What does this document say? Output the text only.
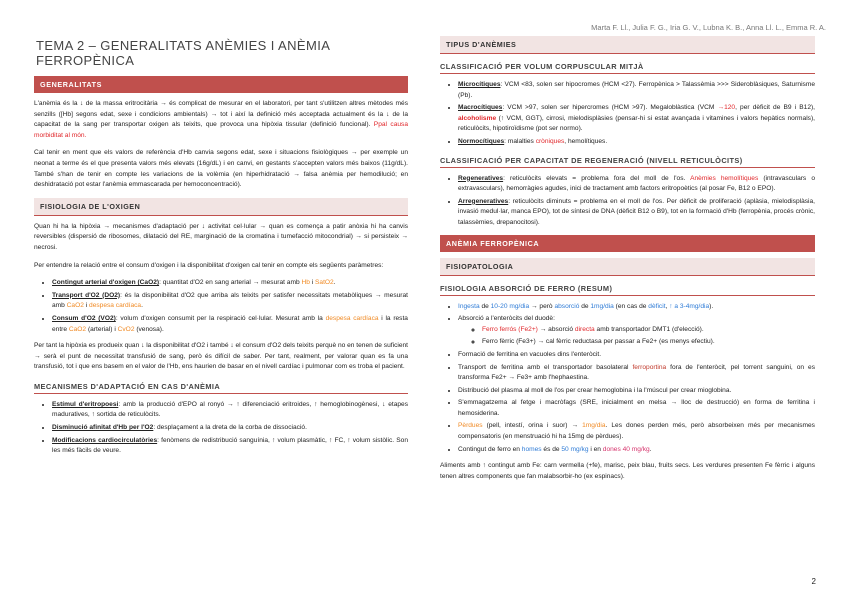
Marta F. Ll., Julia F. G., Iria G. V., Lubna K. B., Anna Ll. L., Emma R. A.
TEMA 2 – GENERALITATS ANÈMIES I ANÈMIA FERROPÈNICA
GENERALITATS

L'anèmia és la ↓ de la massa eritrocitària → és complicat de mesurar en el laboratori, per tant s'utilitzen altres mètodes més senzills ([Hb] segons edat, sexe i condicions ambientals) → tot i així la definició més acceptada actualment és la ↓ de la capacitat de la sang per transportar oxigen als teixits, que provoca una hipòxia tissular (definició funcional). Ppal causa morbiditat al món.

Cal tenir en ment que els valors de referència d'Hb canvia segons edat, sexe i situacions fisiològiques → per exemple un neonat a terme és el que presenta valors més elevats (16g/dL) i en canvi, en gestants s'accepten valors més baixos (11g/dL). També s'han de tenir en compte les variacions de la volèmia (en hiperhidratació → falsa anèmia per hemodilució; en deshidratació pot estar l'anèmia emmascarada per hemoconcentració).

FISIOLOGIA DE L'OXIGEN

Quan hi ha la hipòxia → mecanismes d'adaptació per ↓ activitat cel·lular → quan es comença a patir anòxia hi ha canvis reversibles (dispersió de ribosomes, dilatació del RE, marginació de la cromatina i tumefacció mitocondrial) → si persisteix → necrosi.

Per entendre la relació entre el consum d'oxigen i la disponibilitat d'oxigen cal tenir en compte els següents paràmetres:

• Contingut arterial d'oxigen (CaO2): quantitat d'O2 en sang arterial → mesurat amb Hb i SatO2.
• Transport d'O2 (DO2): és la disponibilitat d'O2 que arriba als teixits per satisfer necessitats metabòliques → mesurat amb CaO2 i despesa cardíaca.
• Consum d'O2 (VO2): volum d'oxigen consumit per la respiració cel·lular. Mesurat amb la despesa cardíaca i la resta entre CaO2 (arterial) i CvO2 (venosa).

Per tant la hipòxia es produeix quan ↓ la disponibilitat d'O2 i també ↓ el consum d'O2 dels teixits perquè no en tenen de suficient → serà el punt de necessitat transfusió de sang, però és difícil de saber. Per tant, realment, per valorar quan es fa una transfusió, tot i que ens basem en el valor de l'Hb, ens haurien de basar en el nivell cardíac i pulmonar com es troba el pacient.

MECANISMES D'ADAPTACIÓ EN CAS D'ANÈMIA
• Estímul d'eritropoesi: amb la producció d'EPO al ronyó → ↑ diferenciació eritroides, ↑ hemoglobinogènesi, ↓ etapes maduratives, ↑ sortida de reticulòcits.
• Disminució afinitat d'Hb per l'O2: desplaçament a la dreta de la corba de dissociació.
• Modificacions cardiocirculatòries: fenòmens de redistribució sanguínia, ↑ volum plasmàtic, ↑ FC, ↑ volum sistòlic. Son les més fàcils de veure.
TIPUS D'ANÈMIES
CLASSIFICACIÓ PER VOLUM CORPUSCULAR MITJÀ
• Microcítiques: VCM <83, solen ser hipocromes (HCM <27). Ferropènica > Talassèmia >>> Sideroblàsiques, Saturnisme (Pb).
• Macrocítiques: VCM >97, solen ser hipercromes (HCM >97). Megaloblàstica (VCM →120, per dèficit de B9 i B12), alcoholisme (↑ VCM, GGT), cirrosi, mielodisplàsies (pensar-hi si estat avançada i vitamines i valors hepàtics normals), reticulòcits, hipotiroïdisme (pot ser normo).
• Normocítiques: malalties cròniques, hemolítiques.
CLASSIFICACIÓ PER CAPACITAT DE REGENERACIÓ (NIVELL RETICULÒCITS)
• Regeneratives: reticulòcits elevats = problema fora del moll de l'os. Anèmies hemolítiques (intravasculars o extravasculars), hemorràgies agudes, inici de tractament amb factors eritropoètics (al posar Fe, B12 o EPO).
• Arregeneratives: reticulòcits diminuts = problema en el moll de l'os. Per dèficit de proliferació (aplàsia, mielodisplàsia, invasió medul·lar, manca EPO), tot de síntesi de DNA (dèficit B12 o B9), tot en la formació d'Hb (ferropènia, procés crònic, talassèmies, drepanocitosi).
ANÈMIA FERROPÈNICA
FISIOPATOLOGIA
FISIOLOGIA ABSORCIÓ DE FERRO (RESUM)
• Ingesta de 10-20 mg/dia → però absorció de 1mg/dia (en cas de dèficit, ↑ a 3-4mg/dia).
• Absorció a l'enteròcits del duodè:
◦ Ferro ferrós (Fe2+) → absorció directa amb transportador DMT1 (d'elecció).
◦ Ferro fèrric (Fe3+) → cal fèrric reductasa per passar a Fe2+ (es menys efectiu).
• Formació de ferritina en vacuoles dins l'enteròcit.
• Transport de ferritina amb el transportador basolateral ferroportina fora de l'enteròcit, pel torrent sanguini, on es transforma Fe2+ → Fe3+ amb l'hephaestina.
• Distribució del plasma al moll de l'os per crear hemoglobina i la l'múscul per crear mioglobina.
• S'emmagatzema al fetge i macròfags (SRE, inicialment en melsa → lloc de destrucció) en forma de ferritina i hemosiderina.
• Pèrdues (pell, intestí, orina i suor) → 1mg/dia. Les dones perden més, però absorbeixen més per mecanismes compensatoris (en menstruació hi ha 15mg de pèrdues).
• Contingut de ferro en homes és de 50 mg/kg i en dones 40 mg/kg.

Aliments amb ↑ contingut amb Fe: carn vermella (+fe), marisc, peix blau, fruits secs. Les verdures presenten Fe fèrric i alguns tenen altres components que fan malabsorbir-ho (ex espinacs).

2
